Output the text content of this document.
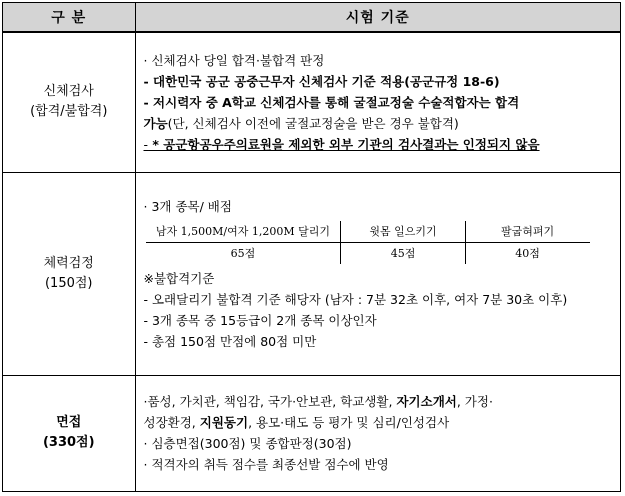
구 분	시험 기준

신체검사
(합격/불합격)

· 신체검사 당일 합격·불합격 판정
- 대한민국 공군 공중근무자 신체검사 기준 적용(공군규정 18-6)
- 저시력자 중 A학교 신체검사를 통해 굴절교정술 수술적합자는 합격
가능(단, 신체검사 이전에 굴절교정술을 받은 경우 불합격)
- * 공군항공우주의료원을 제외한 외부 기관의 검사결과는 인정되지 않음

체력검정
(150점)

· 3개 종목/ 배점
남자 1,500M/여자 1,200M 달리기	윗몸 일으키기	팔굽혀펴기
65점	45점	40점
※불합격기준
- 오래달리기 불합격 기준 해당자 (남자 : 7분 32초 이후, 여자 7분 30초 이후)
- 3개 종목 중 15등급이 2개 종목 이상인자
- 총점 150점 만점에 80점 미만

면접
(330점)

·품성, 가치관, 책임감, 국가·안보관, 학교생활, 자기소개서, 가정·
성장환경, 지원동기, 용모·태도 등 평가 및 심리/인성검사
· 심층면접(300점) 및 종합판정(30점)
· 적격자의 취득 점수를 최종선발 점수에 반영
